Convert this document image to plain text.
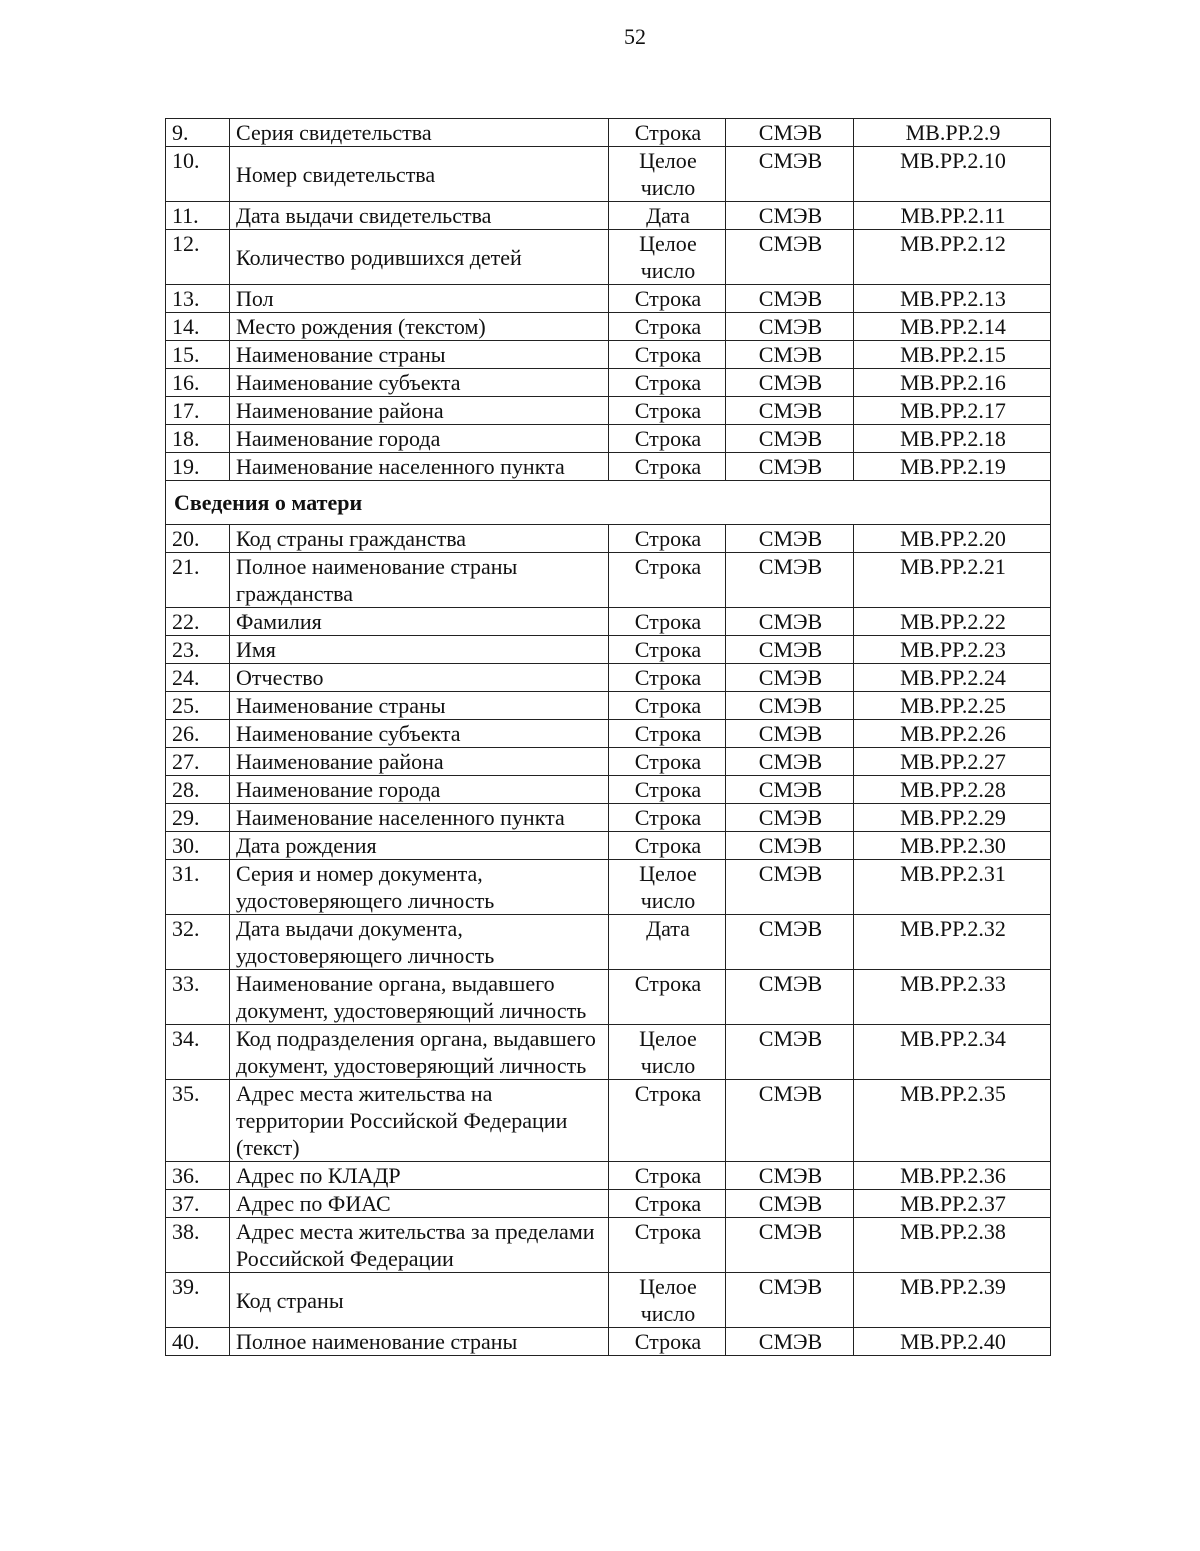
52
9.	Серия свидетельства	Строка	СМЭВ	MB.PP.2.9
10.	Номер свидетельства	Целое число	СМЭВ	MB.PP.2.10
11.	Дата выдачи свидетельства	Дата	СМЭВ	MB.PP.2.11
12.	Количество родившихся детей	Целое число	СМЭВ	MB.PP.2.12
13.	Пол	Строка	СМЭВ	MB.PP.2.13
14.	Место рождения (текстом)	Строка	СМЭВ	MB.PP.2.14
15.	Наименование страны	Строка	СМЭВ	MB.PP.2.15
16.	Наименование субъекта	Строка	СМЭВ	MB.PP.2.16
17.	Наименование района	Строка	СМЭВ	MB.PP.2.17
18.	Наименование города	Строка	СМЭВ	MB.PP.2.18
19.	Наименование населенного пункта	Строка	СМЭВ	MB.PP.2.19
Сведения о матери				
20.	Код страны гражданства	Строка	СМЭВ	MB.PP.2.20
21.	Полное наименование страны гражданства	Строка	СМЭВ	MB.PP.2.21
22.	Фамилия	Строка	СМЭВ	MB.PP.2.22
23.	Имя	Строка	СМЭВ	MB.PP.2.23
24.	Отчество	Строка	СМЭВ	MB.PP.2.24
25.	Наименование страны	Строка	СМЭВ	MB.PP.2.25
26.	Наименование субъекта	Строка	СМЭВ	MB.PP.2.26
27.	Наименование района	Строка	СМЭВ	MB.PP.2.27
28.	Наименование города	Строка	СМЭВ	MB.PP.2.28
29.	Наименование населенного пункта	Строка	СМЭВ	MB.PP.2.29
30.	Дата рождения	Строка	СМЭВ	MB.PP.2.30
31.	Серия и номер документа, удостоверяющего личность	Целое число	СМЭВ	MB.PP.2.31
32.	Дата выдачи документа, удостоверяющего личность	Дата	СМЭВ	MB.PP.2.32
33.	Наименование органа, выдавшего документ, удостоверяющий личность	Строка	СМЭВ	MB.PP.2.33
34.	Код подразделения органа, выдавшего документ, удостоверяющий личность	Целое число	СМЭВ	MB.PP.2.34
35.	Адрес места жительства на территории Российской Федерации (текст)	Строка	СМЭВ	MB.PP.2.35
36.	Адрес по КЛАДР	Строка	СМЭВ	MB.PP.2.36
37.	Адрес по ФИАС	Строка	СМЭВ	MB.PP.2.37
38.	Адрес места жительства за пределами Российской Федерации	Строка	СМЭВ	MB.PP.2.38
39.	Код страны	Целое число	СМЭВ	MB.PP.2.39
40.	Полное наименование страны	Строка	СМЭВ	MB.PP.2.40
